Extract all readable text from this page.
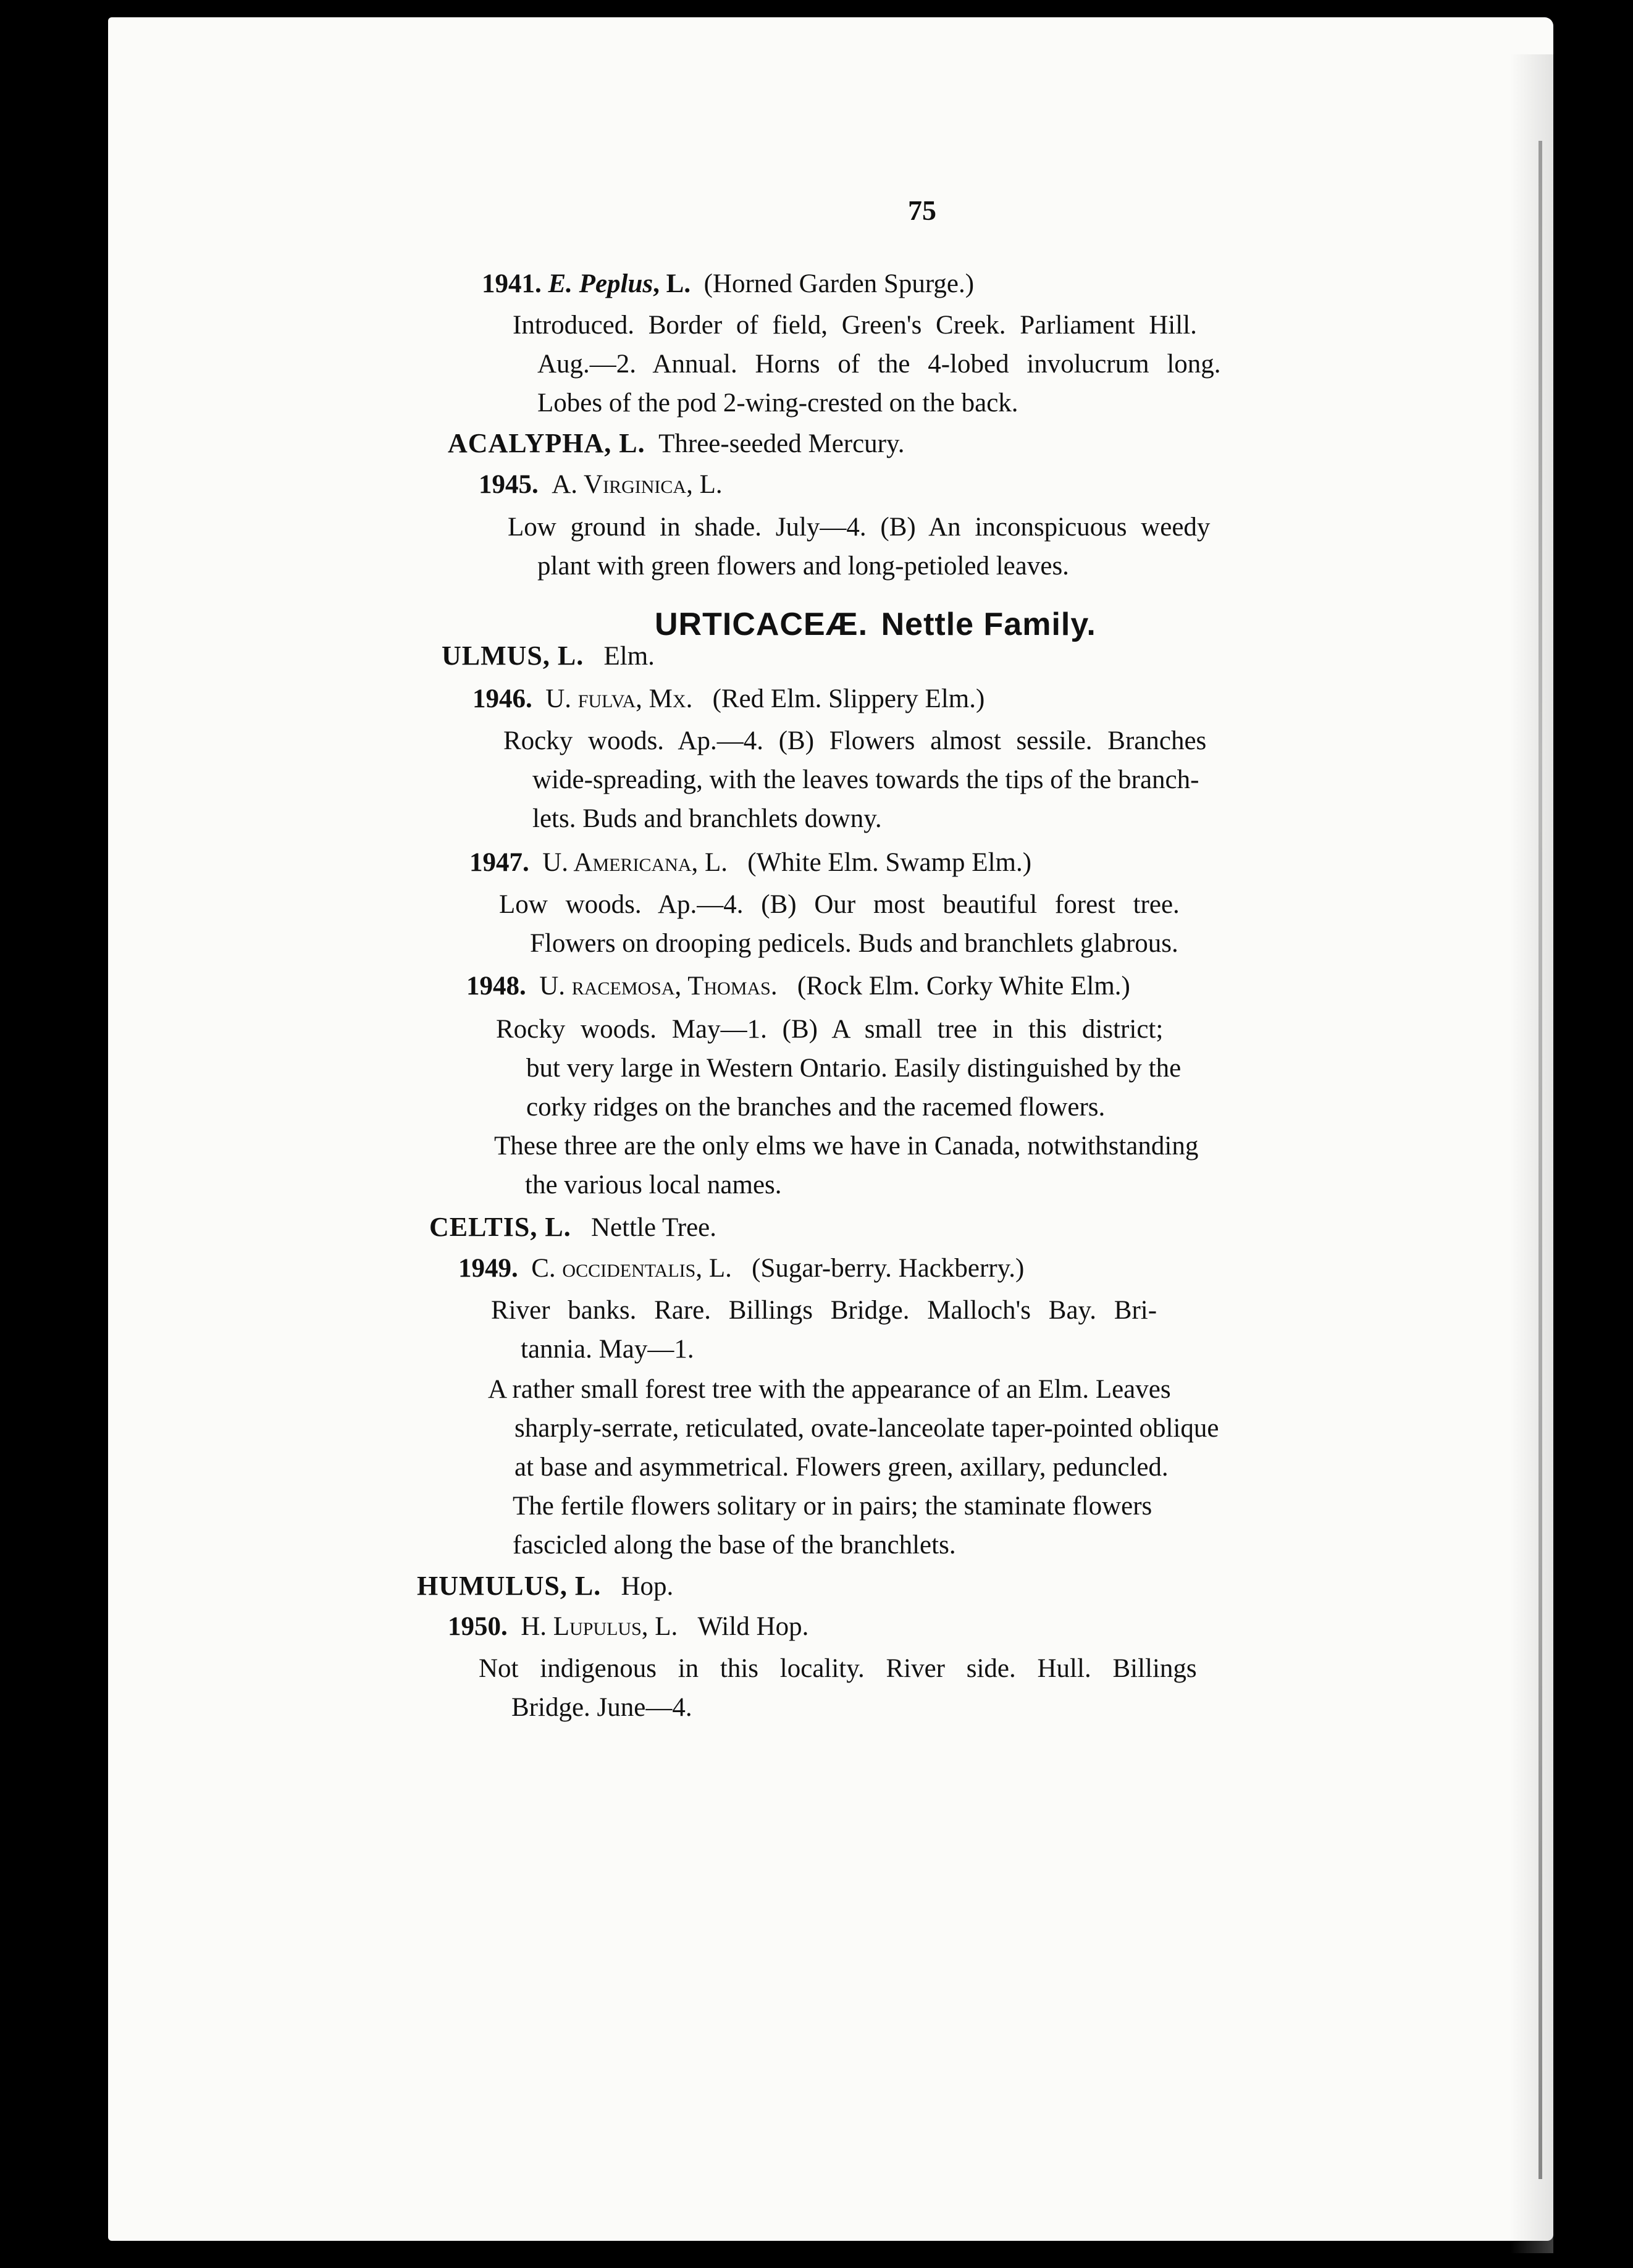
75
1941. E. Peplus, L. (Horned Garden Spurge.)
Introduced. Border of field, Green's Creek. Parliament Hill.
Aug.—2. Annual. Horns of the 4-lobed involucrum long.
Lobes of the pod 2-wing-crested on the back.
ACALYPHA, L. Three-seeded Mercury.
1945. A. Virginica, L.
Low ground in shade. July—4. (B) An inconspicuous weedy
plant with green flowers and long-petioled leaves.
URTICACEÆ. Nettle Family.
ULMUS, L. Elm.
1946. U. fulva, Mx. (Red Elm. Slippery Elm.)
Rocky woods. Ap.—4. (B) Flowers almost sessile. Branches
wide-spreading, with the leaves towards the tips of the branch-
lets. Buds and branchlets downy.
1947. U. Americana, L. (White Elm. Swamp Elm.)
Low woods. Ap.—4. (B) Our most beautiful forest tree.
Flowers on drooping pedicels. Buds and branchlets glabrous.
1948. U. racemosa, Thomas. (Rock Elm. Corky White Elm.)
Rocky woods. May—1. (B) A small tree in this district;
but very large in Western Ontario. Easily distinguished by the
corky ridges on the branches and the racemed flowers.
These three are the only elms we have in Canada, notwithstanding
the various local names.
CELTIS, L. Nettle Tree.
1949. C. occidentalis, L. (Sugar-berry. Hackberry.)
River banks. Rare. Billings Bridge. Malloch's Bay. Bri-
tannia. May—1.
A rather small forest tree with the appearance of an Elm. Leaves
sharply-serrate, reticulated, ovate-lanceolate taper-pointed oblique
at base and asymmetrical. Flowers green, axillary, peduncled.
The fertile flowers solitary or in pairs; the staminate flowers
fascicled along the base of the branchlets.
HUMULUS, L. Hop.
1950. H. Lupulus, L. Wild Hop.
Not indigenous in this locality. River side. Hull. Billings
Bridge. June—4.
